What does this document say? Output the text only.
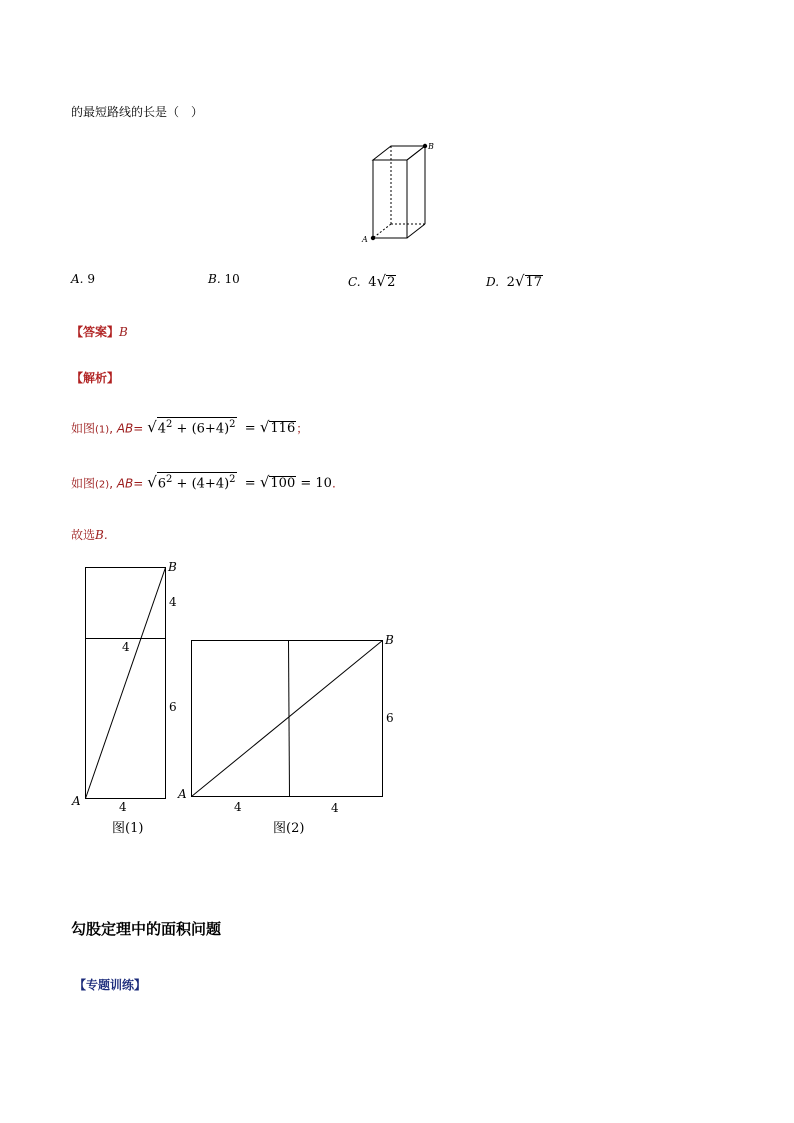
的最短路线的长是（　）
A
B
A. 9	B. 10	C. 4√2	D. 2√17
【答案】B
【解析】
如图(1), $AB= √4^2 + (6+4)^2 = √116$；
如图(2), $AB= √6^2 + (4+4)^2 = √100 = 10$.
故选B.
B
4
4
6
A	4
图(1)
B
6
A
4	4
图(2)
勾股定理中的面积问题
【专题训练】
